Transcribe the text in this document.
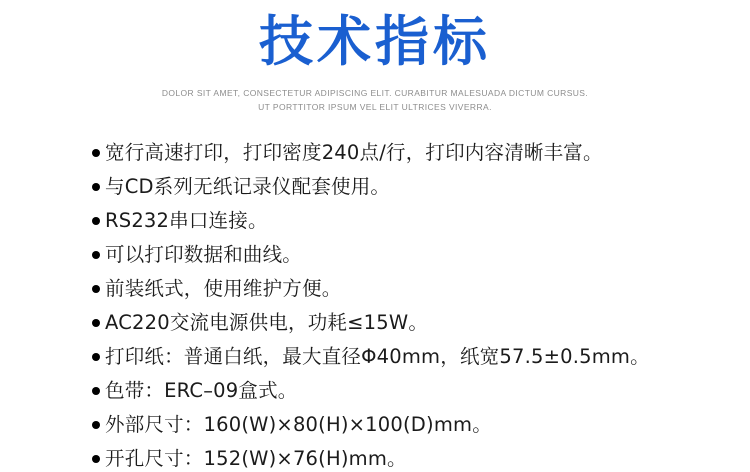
技术指标
DOLOR SIT AMET, CONSECTETUR ADIPISCING ELIT. CURABITUR MALESUADA DICTUM CURSUS.
UT PORTTITOR IPSUM VEL ELIT ULTRICES VIVERRA.
宽行高速打印，打印密度240点/行，打印内容清晰丰富。
与CD系列无纸记录仪配套使用。
RS232串口连接。
可以打印数据和曲线。
前装纸式，使用维护方便。
AC220交流电源供电，功耗≤15W。
打印纸：普通白纸，最大直径Φ40mm，纸宽57.5±0.5mm。
色带：ERC–09盒式。
外部尺寸：160(W)×80(H)×100(D)mm。
开孔尺寸：152(W)×76(H)mm。
